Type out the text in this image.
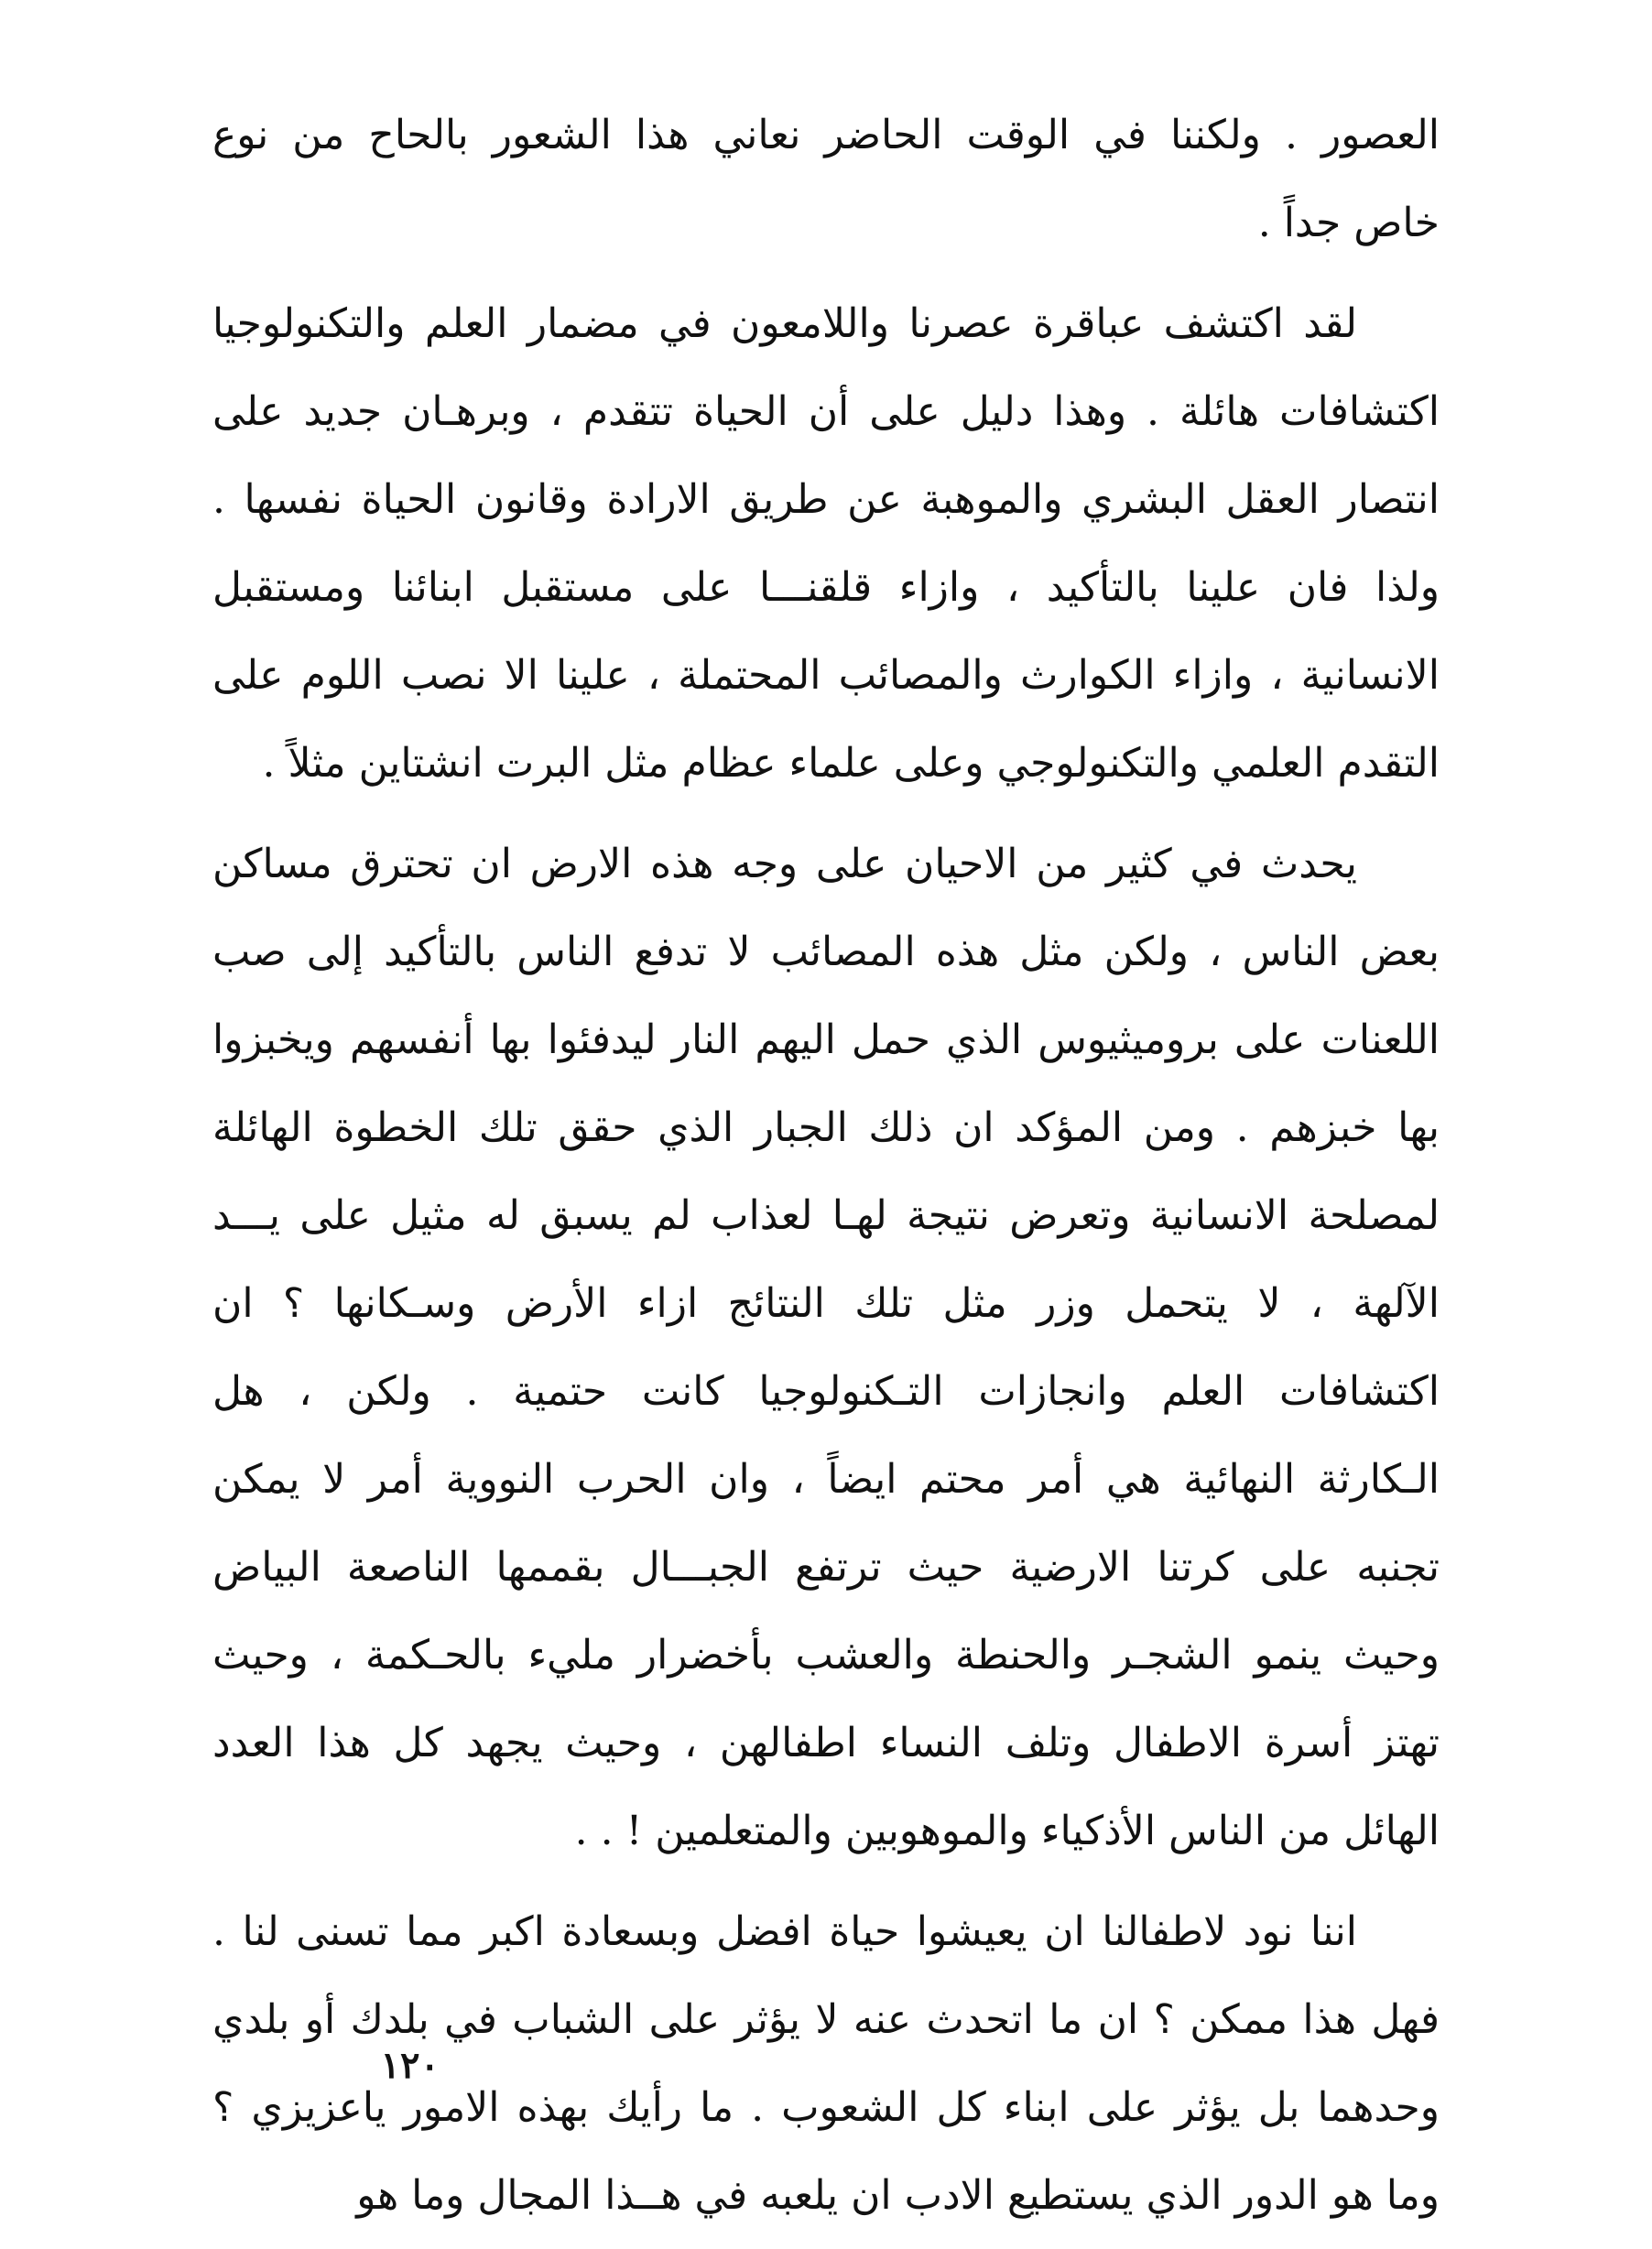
العصور . ولكننا في الوقت الحاضر نعاني هذا الشعور بالحاح من نوع
خاص جداً .
لقد اكتشف عباقرة عصرنا واللامعون في مضمار العلم والتكنولوجيا
اكتشافات هائلة . وهذا دليل على أن الحياة تتقدم ، وبرهـان جديد على
انتصار العقل البشري والموهبة عن طريق الارادة وقانون الحياة نفسها .
ولذا فان علينا بالتأكيد ، وازاء قلقنـــا على مستقبل ابنائنا ومستقبل
الانسانية ، وازاء الكوارث والمصائب المحتملة ، علينا الا نصب اللوم على
التقدم العلمي والتكنولوجي وعلى علماء عظام مثل البرت انشتاين مثلاً .
يحدث في كثير من الاحيان على وجه هذه الارض ان تحترق مساكن
بعض الناس ، ولكن مثل هذه المصائب لا تدفع الناس بالتأكيد إلى صب
اللعنات على بروميثيوس الذي حمل اليهم النار ليدفئوا بها أنفسهم ويخبزوا
بها خبزهم . ومن المؤكد ان ذلك الجبار الذي حقق تلك الخطوة الهائلة
لمصلحة الانسانية وتعرض نتيجة لهـا لعذاب لم يسبق له مثيل على يـــد
الآلهة ، لا يتحمل وزر مثل تلك النتائج ازاء الأرض وسـكانها ؟ ان
اكتشافات العلم وانجازات التـكنولوجيا كانت حتمية . ولكن ، هل
الـكارثة النهائية هي أمر محتم ايضاً ، وان الحرب النووية أمر لا يمكن
تجنبه على كرتنا الارضية حيث ترتفع الجبـــال بقممها الناصعة البياض
وحيث ينمو الشجـر والحنطة والعشب بأخضرار مليء بالحـكمة ، وحيث
تهتز أسرة الاطفال وتلف النساء اطفالهن ، وحيث يجهد كل هذا العدد
الهائل من الناس الأذكياء والموهوبين والمتعلمين ! . .
اننا نود لاطفالنا ان يعيشوا حياة افضل وبسعادة اكبر مما تسنى لنا .
فهل هذا ممكن ؟ ان ما اتحدث عنه لا يؤثر على الشباب في بلدك أو بلدي
وحدهما بل يؤثر على ابناء كل الشعوب . ما رأيك بهذه الامور ياعزيزي ؟
وما هو الدور الذي يستطيع الادب ان يلعبه في هــذا المجال وما هو
١٢٠
